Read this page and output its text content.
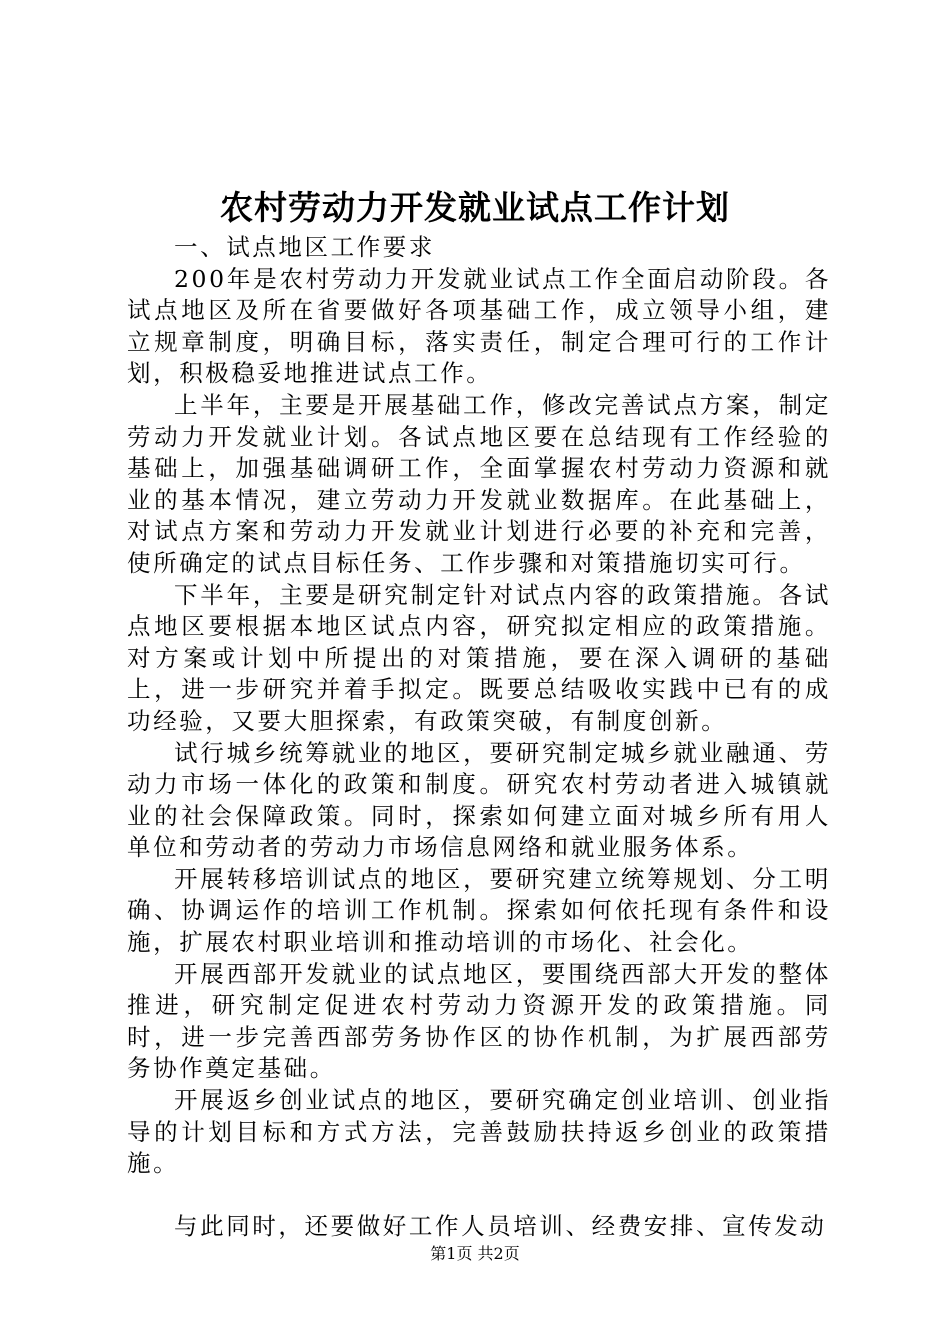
农村劳动力开发就业试点工作计划

一、试点地区工作要求

200年是农村劳动力开发就业试点工作全面启动阶段。各试点地区及所在省要做好各项基础工作，成立领导小组，建立规章制度，明确目标，落实责任，制定合理可行的工作计划，积极稳妥地推进试点工作。

上半年，主要是开展基础工作，修改完善试点方案，制定劳动力开发就业计划。各试点地区要在总结现有工作经验的基础上，加强基础调研工作，全面掌握农村劳动力资源和就业的基本情况，建立劳动力开发就业数据库。在此基础上，对试点方案和劳动力开发就业计划进行必要的补充和完善，使所确定的试点目标任务、工作步骤和对策措施切实可行。

下半年，主要是研究制定针对试点内容的政策措施。各试点地区要根据本地区试点内容，研究拟定相应的政策措施。对方案或计划中所提出的对策措施，要在深入调研的基础上，进一步研究并着手拟定。既要总结吸收实践中已有的成功经验，又要大胆探索，有政策突破，有制度创新。

试行城乡统筹就业的地区，要研究制定城乡就业融通、劳动力市场一体化的政策和制度。研究农村劳动者进入城镇就业的社会保障政策。同时，探索如何建立面对城乡所有用人单位和劳动者的劳动力市场信息网络和就业服务体系。

开展转移培训试点的地区，要研究建立统筹规划、分工明确、协调运作的培训工作机制。探索如何依托现有条件和设施，扩展农村职业培训和推动培训的市场化、社会化。

开展西部开发就业的试点地区，要围绕西部大开发的整体推进，研究制定促进农村劳动力资源开发的政策措施。同时，进一步完善西部劳务协作区的协作机制，为扩展西部劳务协作奠定基础。

开展返乡创业试点的地区，要研究确定创业培训、创业指导的计划目标和方式方法，完善鼓励扶持返乡创业的政策措施。

与此同时，还要做好工作人员培训、经费安排、宣传发动

第1页 共2页
